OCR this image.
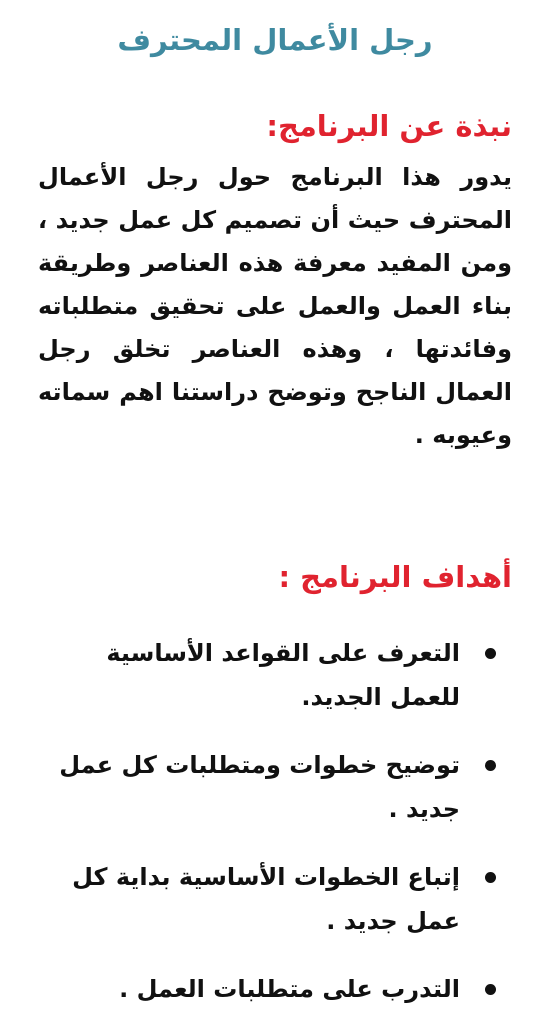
رجل الأعمال المحترف
نبذة عن البرنامج:

يدور هذا البرنامج حول رجل الأعمال المحترف حيث أن تصميم كل عمل جديد ، ومن المفيد معرفة هذه العناصر وطريقة بناء العمل والعمل على تحقيق متطلباته وفائدتها ، وهذه العناصر تخلق رجل العمال الناجح وتوضح دراستنا اهم سماته وعيوبه .

أهداف البرنامج :
التعرف على القواعد الأساسية للعمل الجديد.
توضيح خطوات ومتطلبات كل عمل جديد .
إتباع الخطوات الأساسية بداية كل عمل جديد .
التدرب على متطلبات العمل .
